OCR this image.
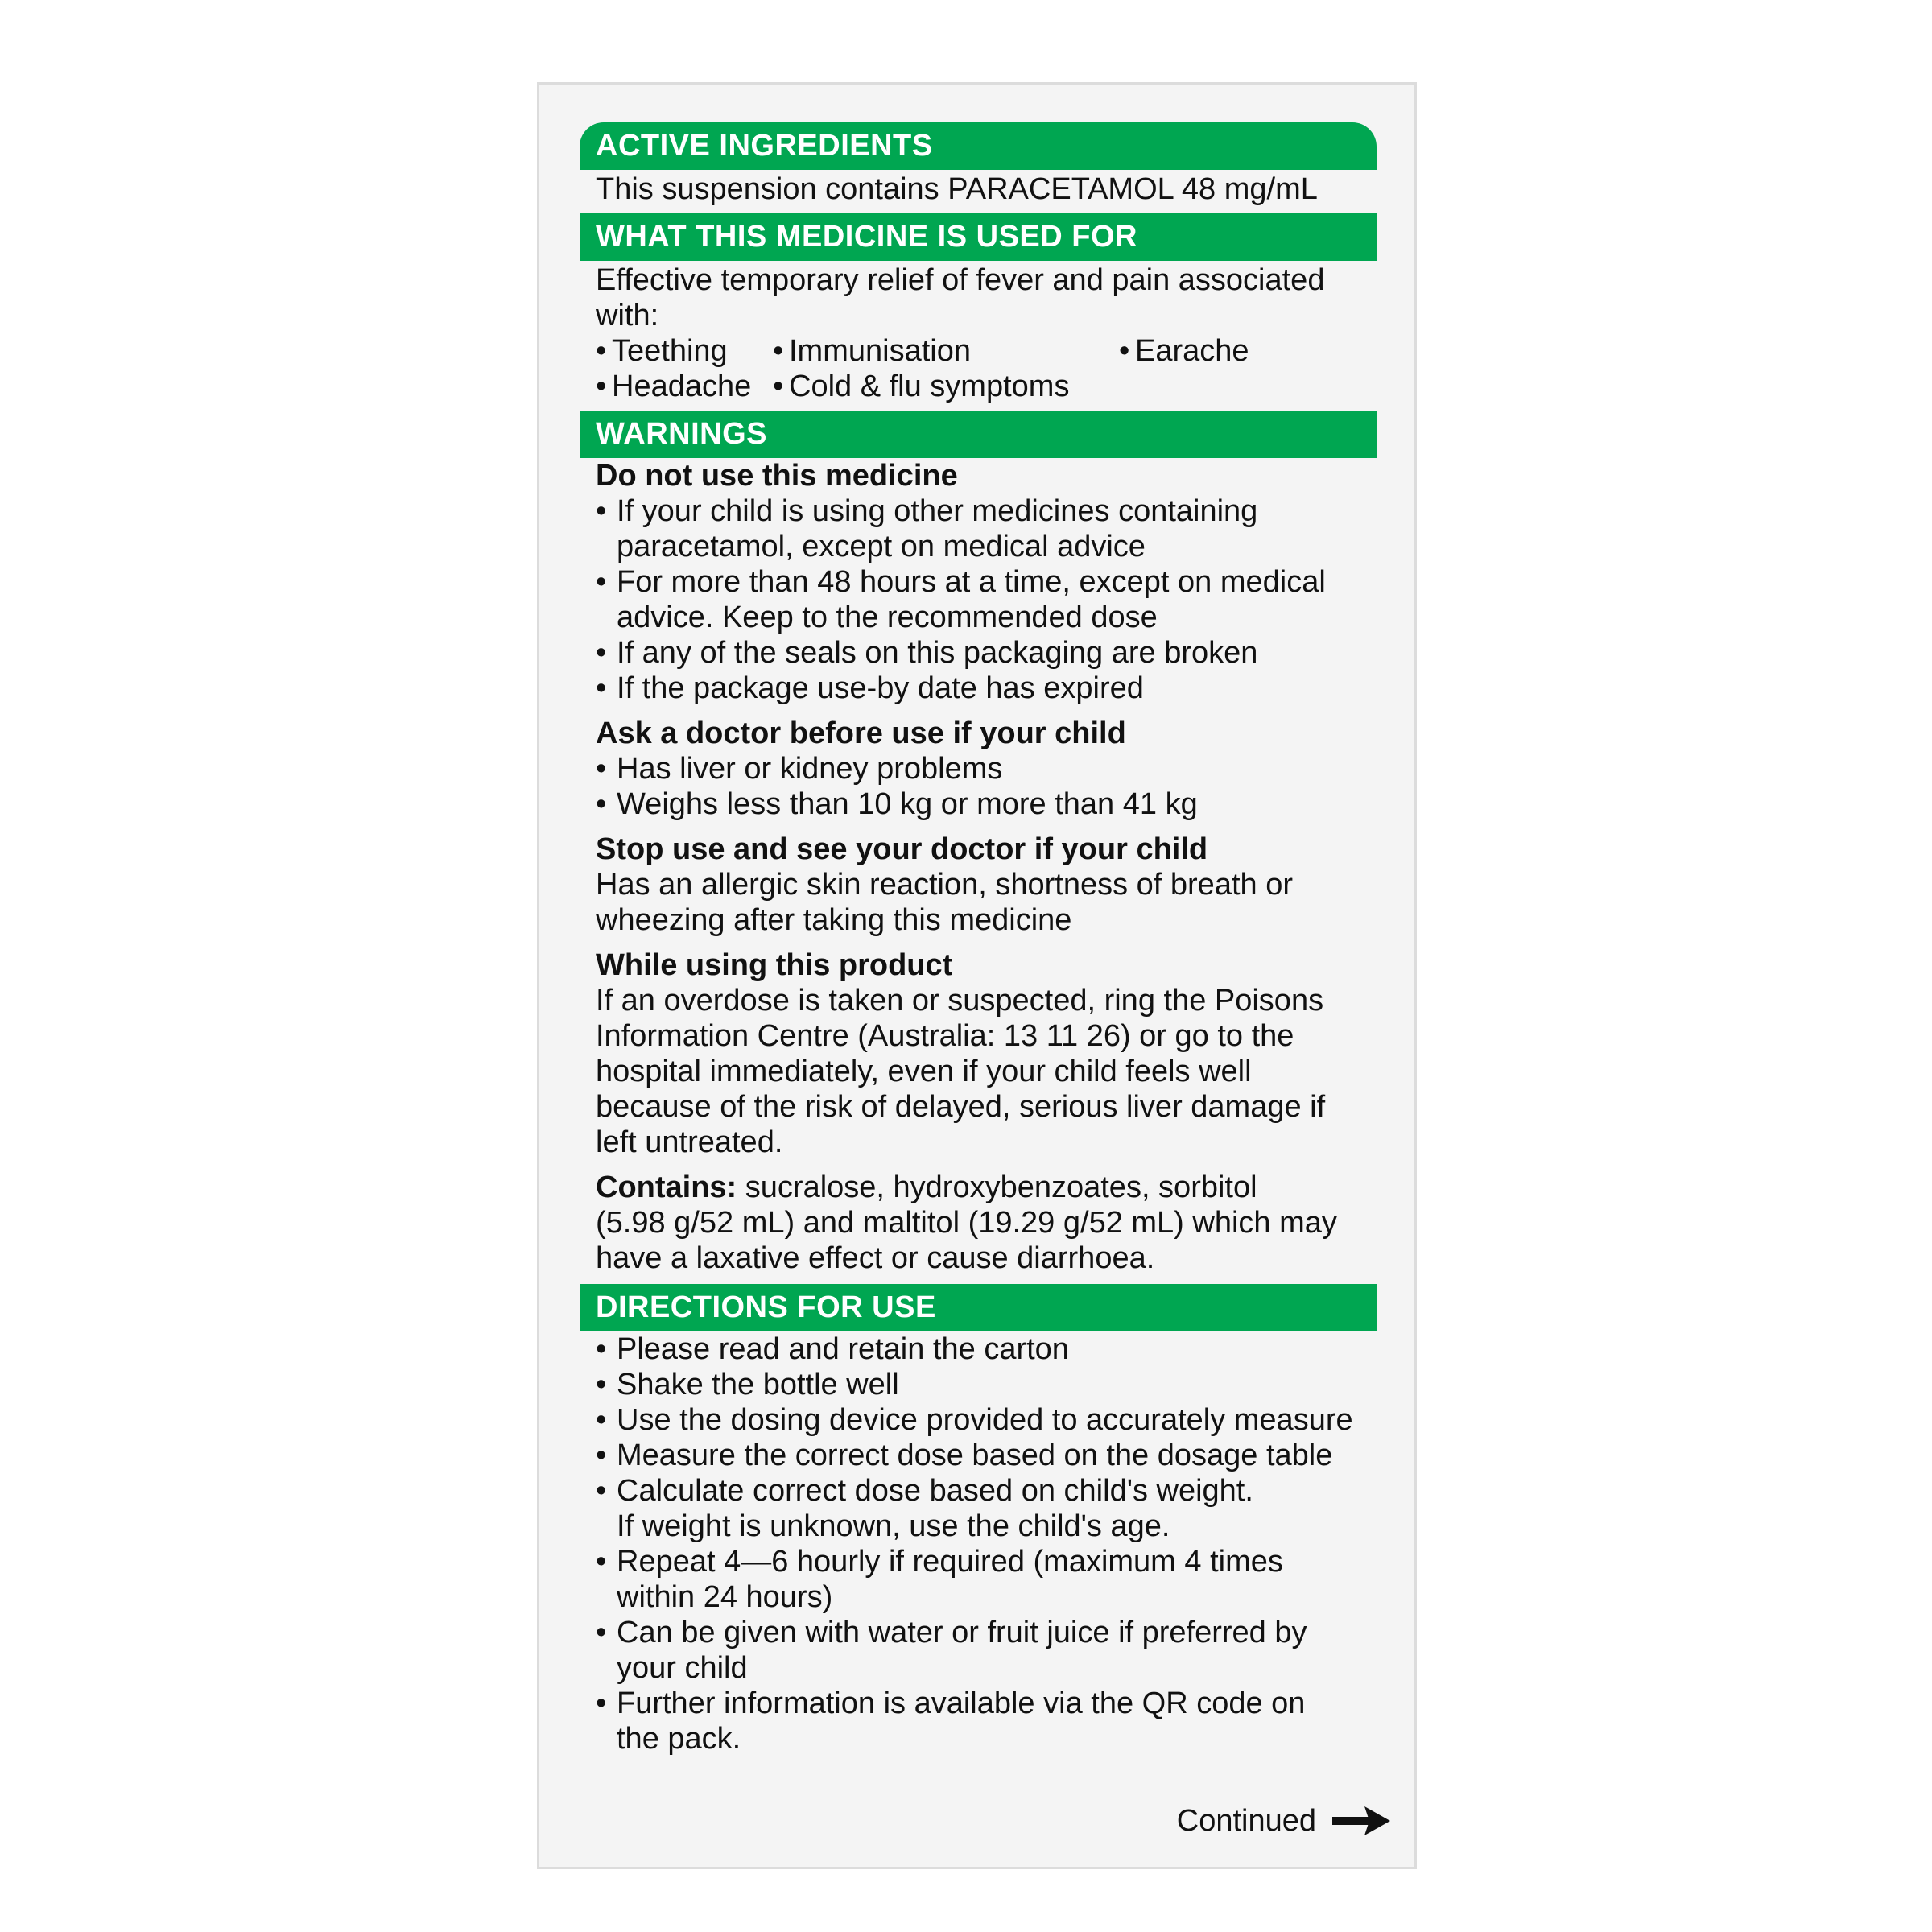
ACTIVE INGREDIENTS

This suspension contains PARACETAMOL 48 mg/mL

WHAT THIS MEDICINE IS USED FOR

Effective temporary relief of fever and pain associated

with:

• Teething	• Immunisation	• Earache
• Headache	• Cold & flu symptoms
WARNINGS

Do not use this medicine

• If your child is using other medicines containing
paracetamol, except on medical advice
• For more than 48 hours at a time, except on medical
advice. Keep to the recommended dose
• If any of the seals on this packaging are broken
• If the package use-by date has expired

Ask a doctor before use if your child

• Has liver or kidney problems
• Weighs less than 10 kg or more than 41 kg

Stop use and see your doctor if your child

Has an allergic skin reaction, shortness of breath or

wheezing after taking this medicine

While using this product

If an overdose is taken or suspected, ring the Poisons

Information Centre (Australia: 13 11 26) or go to the

hospital immediately, even if your child feels well

because of the risk of delayed, serious liver damage if

left untreated.

Contains: sucralose, hydroxybenzoates, sorbitol

(5.98 g/52 mL) and maltitol (19.29 g/52 mL) which may

have a laxative effect or cause diarrhoea.

DIRECTIONS FOR USE
• Please read and retain the carton
• Shake the bottle well
• Use the dosing device provided to accurately measure
• Measure the correct dose based on the dosage table
• Calculate correct dose based on child's weight.
If weight is unknown, use the child's age.
• Repeat 4—6 hourly if required (maximum 4 times
within 24 hours)
• Can be given with water or fruit juice if preferred by
your child
• Further information is available via the QR code on
the pack.
Continued
